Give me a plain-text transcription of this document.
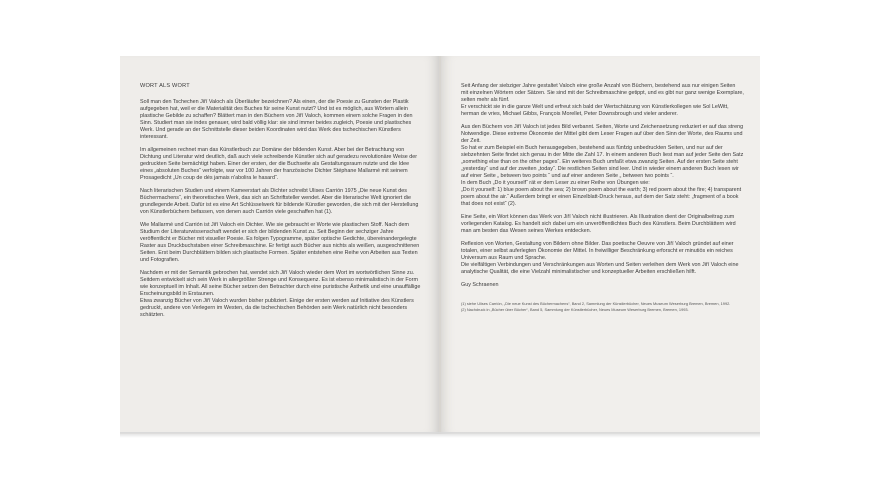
WORT ALS WORT

Soll man den Tschechen Jiří Valoch als Überläufer bezeichnen? Als einen, der die Poesie zu Gunsten der Plastik aufgegeben hat, weil er die Materialität des Buches für seine Kunst nutzt? Und ist es möglich, aus Wörtern allein plastische Gebilde zu schaffen? Blättert man in den Büchern von Jiří Valoch, kommen einem solche Fragen in den Sinn. Studiert man sie indes genauer, wird bald völlig klar: sie sind immer beides zugleich, Poesie und plastisches Werk. Und gerade an der Schnittstelle dieser beiden Koordinaten wird das Werk des tschechischen Künstlers interessant.

Im allgemeinen rechnet man das Künstlerbuch zur Domäne der bildenden Kunst. Aber bei der Betrachtung von Dichtung und Literatur wird deutlich, daß auch viele schreibende Künstler sich auf geradezu revolutionäre Weise der gedruckten Seite bemächtigt haben. Einer der ersten, der die Buchseite als Gestaltungsraum nutzte und die Idee eines „absoluten Buches“ verfolgte, war vor 100 Jahren der französische Dichter Stéphane Mallarmé mit seinem Prosagedicht „Un coup de dés jamais n'abolira le hasard“.

Nach literarischen Studien und einem Kameerstart als Dichter schreibt Ulises Carrión 1975 „Die neue Kunst des Büchermachens“, ein theoretisches Werk, das sich an Schriftsteller wendet. Aber die literarische Welt ignoriert die grundlegende Arbeit. Dafür ist es eine Art Schlüsselwerk für bildende Künstler geworden, die sich mit der Herstellung von Künstlerbüchern befassen, von denen auch Carrión viele geschaffen hat (1).

Wie Mallarmé und Carrión ist Jiří Valoch ein Dichter. Wie sie gebraucht er Worte wie plastischen Stoff. Nach dem Studium der Literaturwissenschaft wendet er sich der bildenden Kunst zu. Seit Beginn der sechziger Jahre veröffentlicht er Bücher mit visueller Poesie. Es folgen Typogramme, später optische Gedichte, übereinandergelegte Raster aus Druckbuchstaben einer Schreibmaschine. Er fertigt auch Bücher aus nichts als weißen, ausgeschnittenen Seiten. Erst beim Durchblättern bilden sich plastische Formen. Später entstehen eine Reihe von Arbeiten aus Texten und Fotografien.

Nachdem er mit der Semantik gebrochen hat, wendet sich Jiří Valoch wieder dem Wort im wortwörtlichen Sinne zu. Seitdem entwickelt sich sein Werk in allergrößter Strenge und Konsequenz. Es ist ebenso minimalistisch in der Form wie konzeptuell im Inhalt. All seine Bücher setzen den Betrachter durch eine puristische Ästhetik und eine unauffällige Erscheinungsbild in Erstaunen.
Etwa zwanzig Bücher von Jiří Valoch wurden bisher publiziert. Einige der ersten werden auf Initiative des Künstlers gedruckt, andere von Verlegern im Westen, da die tschechischen Behörden sein Werk natürlich nicht besonders schätzten.

Seit Anfang der siebziger Jahre gestaltet Valoch eine große Anzahl von Büchern, bestehend aus nur einigen Seiten mit einzelnen Wörtern oder Sätzen. Sie sind mit der Schreibmaschine getippt, und es gibt nur ganz wenige Exemplare, selten mehr als fünf.
Er verschickt sie in die ganze Welt und erfreut sich bald der Wertschätzung von Künstlerkollegen wie Sol LeWitt, herman de vries, Michael Gibbs, François Morellet, Peter Downsbrough und vieler anderer.

Aus den Büchern von Jiří Valoch ist jedes Bild verbannt. Seiten, Worte und Zeichensetzung reduziert er auf das streng Notwendige. Diese extreme Ökonomie der Mittel gibt dem Leser Fragen auf über den Sinn der Worte, des Raums und der Zeit.
So hat er zum Beispiel ein Buch herausgegeben, bestehend aus fünfzig unbedruckten Seiten, und nur auf der siebzehnten Seite findet sich genau in der Mitte die Zahl 17. In einem anderen Buch liest man auf jeder Seite den Satz „something else than on the other pages“. Ein weiteres Buch umfaßt etwa zwanzig Seiten. Auf der ersten Seite steht „yesterday“ und auf der zweiten „today“. Die restlichen Seiten sind leer. Und in wieder einem anderen Buch lesen wir auf einer Seite „ between two points “ und auf einer anderen Seite „ between two points “.
In dem Buch „Do it yourself“ rät er dem Leser zu einer Reihe von Übungen wie:
„Do it yourself: 1) blue poem about the sea; 2) brown poem about the earth; 3) red poem about the fire; 4) transparent poem about the air.“ Außerdem bringt er einen Einzelblatt-Druck heraus, auf dem der Satz steht: „fragment of a book that does not exist“ (2).

Eine Seite, ein Wort können das Werk von Jiří Valoch nicht illustrieren. Als Illustration dient der Originalbeitrag zum vorliegenden Katalog. Es handelt sich dabei um ein unveröffentlichtes Buch des Künstlers. Beim Durchblättern wird man am besten das Wesen seines Werkes entdecken.

Reflexion von Worten, Gestaltung von Bildern ohne Bilder. Das poetische Oeuvre von Jiří Valoch gründet auf einer totalen, einer selbst auferlegten Ökonomie der Mittel. In freiwilliger Beschränkung erforscht er minutiös ein reiches Universum aus Raum und Sprache.
Die vielfältigen Verbindungen und Verschränkungen aus Worten und Seiten verleihen dem Werk von Jiří Valoch eine analytische Qualität, die eine Vielzahl minimalistischer und konzeptueller Arbeiten erschließen hilft.

Guy Schraenen

(1) siehe Ulises Carrión, „Die neue Kunst des Büchermachens“, Band 2, Sammlung der Künstlerbücher, Neues Museum Weserburg Bremen, Bremen, 1992.

(2) Nachdruck in „Bücher über Bücher“, Band 5, Sammlung der Künstlerbücher, Neues Museum Weserburg Bremen, Bremen, 1993.
